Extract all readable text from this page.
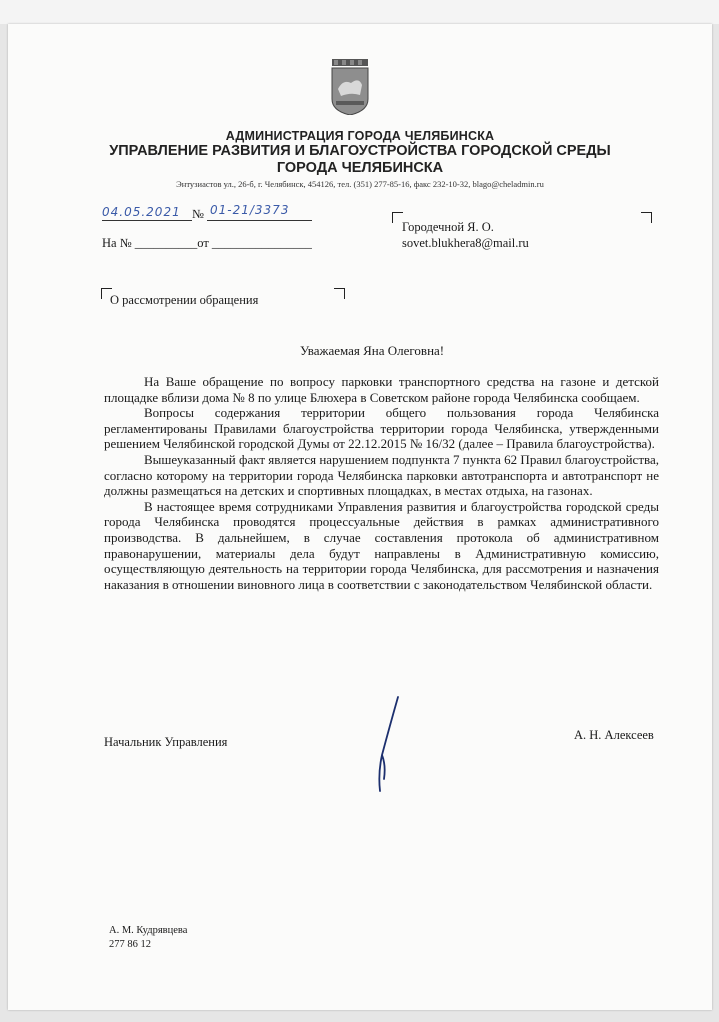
АДМИНИСТРАЦИЯ ГОРОДА ЧЕЛЯБИНСКА
УПРАВЛЕНИЕ РАЗВИТИЯ И БЛАГОУСТРОЙСТВА ГОРОДСКОЙ СРЕДЫ
ГОРОДА ЧЕЛЯБИНСКА
Энтузиастов ул., 26-б, г. Челябинск, 454126, тел. (351) 277-85-16, факс 232-10-32, blago@cheladmin.ru
04.05.2021 № 01-21/3373
На № __________от ________________
Городечной Я. О.
sovet.blukhera8@mail.ru
О рассмотрении обращения
Уважаемая Яна Олеговна!

На Ваше обращение по вопросу парковки транспортного средства на газоне и детской площадке вблизи дома № 8 по улице Блюхера в Советском районе города Челябинска сообщаем.

Вопросы содержания территории общего пользования города Челябинска регламентированы Правилами благоустройства территории города Челябинска, утвержденными решением Челябинской городской Думы от 22.12.2015 № 16/32 (далее – Правила благоустройства).

Вышеуказанный факт является нарушением подпункта 7 пункта 62 Правил благоустройства, согласно которому на территории города Челябинска парковки автотранспорта и автотранспорт не должны размещаться на детских и спортивных площадках, в местах отдыха, на газонах.

В настоящее время сотрудниками Управления развития и благоустройства городской среды города Челябинска проводятся процессуальные действия в рамках административного производства. В дальнейшем, в случае составления протокола об административном правонарушении, материалы дела будут направлены в Административную комиссию, осуществляющую деятельность на территории города Челябинска, для рассмотрения и назначения наказания в отношении виновного лица в соответствии с законодательством Челябинской области.

Начальник Управления	А. Н. Алексеев
А. М. Кудрявцева
277 86 12
